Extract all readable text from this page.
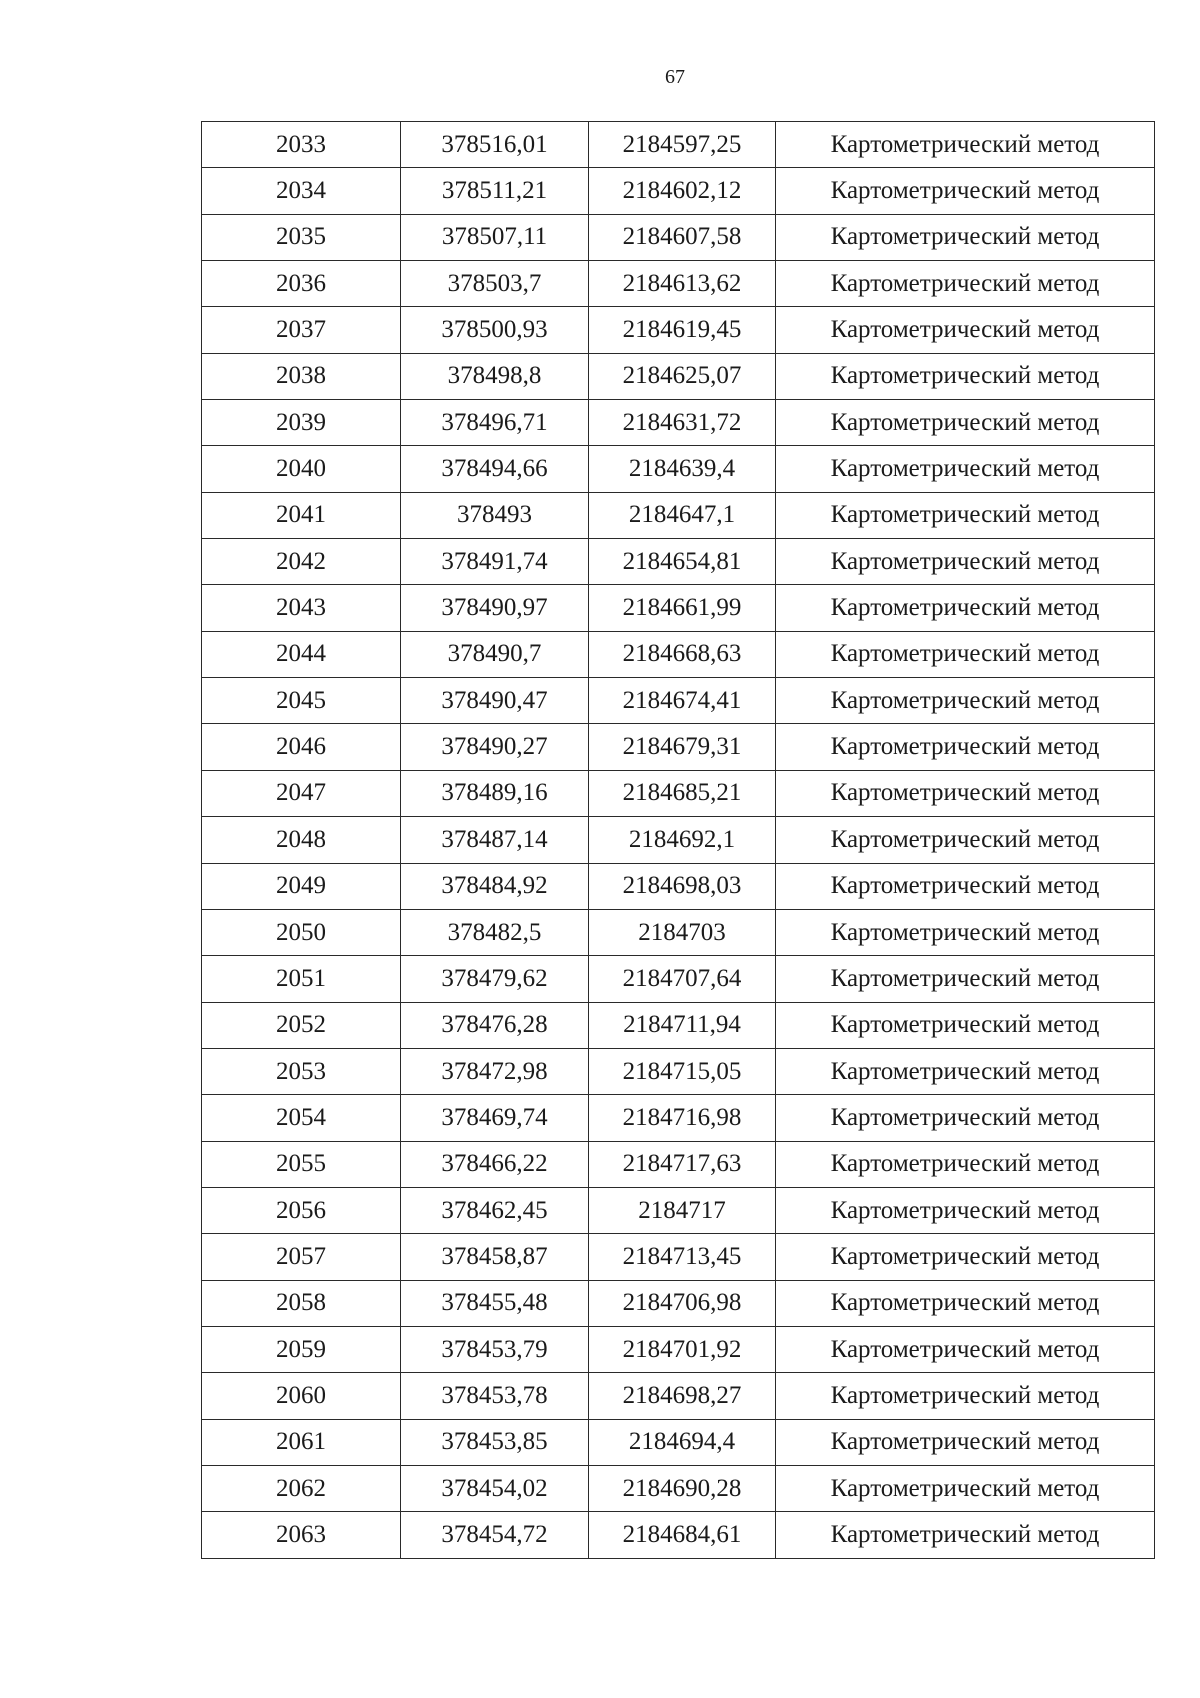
67
2033	378516,01	2184597,25	Картометрический метод
2034	378511,21	2184602,12	Картометрический метод
2035	378507,11	2184607,58	Картометрический метод
2036	378503,7	2184613,62	Картометрический метод
2037	378500,93	2184619,45	Картометрический метод
2038	378498,8	2184625,07	Картометрический метод
2039	378496,71	2184631,72	Картометрический метод
2040	378494,66	2184639,4	Картометрический метод
2041	378493	2184647,1	Картометрический метод
2042	378491,74	2184654,81	Картометрический метод
2043	378490,97	2184661,99	Картометрический метод
2044	378490,7	2184668,63	Картометрический метод
2045	378490,47	2184674,41	Картометрический метод
2046	378490,27	2184679,31	Картометрический метод
2047	378489,16	2184685,21	Картометрический метод
2048	378487,14	2184692,1	Картометрический метод
2049	378484,92	2184698,03	Картометрический метод
2050	378482,5	2184703	Картометрический метод
2051	378479,62	2184707,64	Картометрический метод
2052	378476,28	2184711,94	Картометрический метод
2053	378472,98	2184715,05	Картометрический метод
2054	378469,74	2184716,98	Картометрический метод
2055	378466,22	2184717,63	Картометрический метод
2056	378462,45	2184717	Картометрический метод
2057	378458,87	2184713,45	Картометрический метод
2058	378455,48	2184706,98	Картометрический метод
2059	378453,79	2184701,92	Картометрический метод
2060	378453,78	2184698,27	Картометрический метод
2061	378453,85	2184694,4	Картометрический метод
2062	378454,02	2184690,28	Картометрический метод
2063	378454,72	2184684,61	Картометрический метод
